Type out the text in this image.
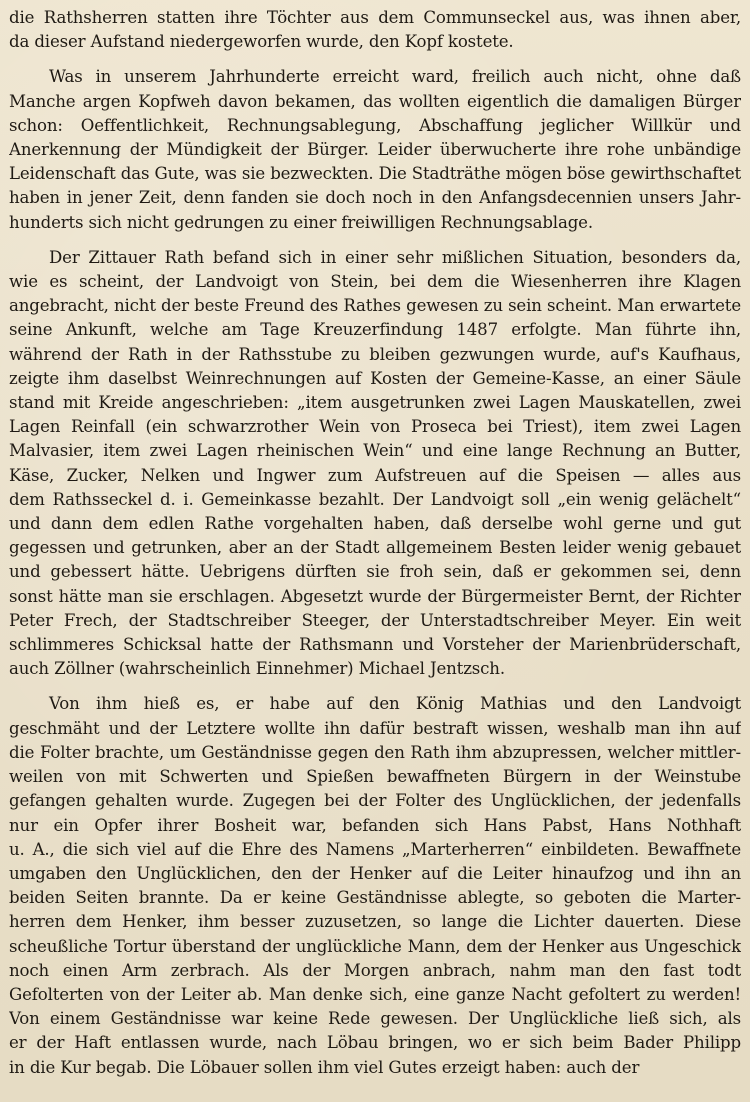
die Rathsherren statten ihre Töchter aus dem Communseckel aus, was ihnen aber,
da dieser Aufstand niedergeworfen wurde, den Kopf kostete.
Was in unserem Jahrhunderte erreicht ward, freilich auch nicht, ohne daß
Manche argen Kopfweh davon bekamen, das wollten eigentlich die damaligen Bürger
schon: Oeffentlichkeit, Rechnungsablegung, Abschaffung jeglicher Willkür und
Anerkennung der Mündigkeit der Bürger. Leider überwucherte ihre rohe unbändige
Leidenschaft das Gute, was sie bezweckten. Die Stadträthe mögen böse gewirthschaftet
haben in jener Zeit, denn fanden sie doch noch in den Anfangsdecennien unsers Jahr-
hunderts sich nicht gedrungen zu einer freiwilligen Rechnungsablage.
Der Zittauer Rath befand sich in einer sehr mißlichen Situation, besonders da,
wie es scheint, der Landvoigt von Stein, bei dem die Wiesenherren ihre Klagen
angebracht, nicht der beste Freund des Rathes gewesen zu sein scheint. Man erwartete
seine Ankunft, welche am Tage Kreuzerfindung 1487 erfolgte. Man führte ihn,
während der Rath in der Rathsstube zu bleiben gezwungen wurde, auf's Kaufhaus,
zeigte ihm daselbst Weinrechnungen auf Kosten der Gemeine-Kasse, an einer Säule
stand mit Kreide angeschrieben: „item ausgetrunken zwei Lagen Mauskatellen, zwei
Lagen Reinfall (ein schwarzrother Wein von Proseca bei Triest), item zwei Lagen
Malvasier, item zwei Lagen rheinischen Wein“ und eine lange Rechnung an Butter,
Käse, Zucker, Nelken und Ingwer zum Aufstreuen auf die Speisen — alles aus
dem Rathsseckel d. i. Gemeinkasse bezahlt. Der Landvoigt soll „ein wenig gelächelt“
und dann dem edlen Rathe vorgehalten haben, daß derselbe wohl gerne und gut
gegessen und getrunken, aber an der Stadt allgemeinem Besten leider wenig gebauet
und gebessert hätte. Uebrigens dürften sie froh sein, daß er gekommen sei, denn
sonst hätte man sie erschlagen. Abgesetzt wurde der Bürgermeister Bernt, der Richter
Peter Frech, der Stadtschreiber Steeger, der Unterstadtschreiber Meyer. Ein weit
schlimmeres Schicksal hatte der Rathsmann und Vorsteher der Marienbrüderschaft,
auch Zöllner (wahrscheinlich Einnehmer) Michael Jentzsch.
Von ihm hieß es, er habe auf den König Mathias und den Landvoigt
geschmäht und der Letztere wollte ihn dafür bestraft wissen, weshalb man ihn auf
die Folter brachte, um Geständnisse gegen den Rath ihm abzupressen, welcher mittler-
weilen von mit Schwerten und Spießen bewaffneten Bürgern in der Weinstube
gefangen gehalten wurde. Zugegen bei der Folter des Unglücklichen, der jedenfalls
nur ein Opfer ihrer Bosheit war, befanden sich Hans Pabst, Hans Nothhaft
u. A., die sich viel auf die Ehre des Namens „Marterherren“ einbildeten. Bewaffnete
umgaben den Unglücklichen, den der Henker auf die Leiter hinaufzog und ihn an
beiden Seiten brannte. Da er keine Geständnisse ablegte, so geboten die Marter-
herren dem Henker, ihm besser zuzusetzen, so lange die Lichter dauerten. Diese
scheußliche Tortur überstand der unglückliche Mann, dem der Henker aus Ungeschick
noch einen Arm zerbrach. Als der Morgen anbrach, nahm man den fast todt
Gefolterten von der Leiter ab. Man denke sich, eine ganze Nacht gefoltert zu werden!
Von einem Geständnisse war keine Rede gewesen. Der Unglückliche ließ sich, als
er der Haft entlassen wurde, nach Löbau bringen, wo er sich beim Bader Philipp
in die Kur begab. Die Löbauer sollen ihm viel Gutes erzeigt haben: auch der
